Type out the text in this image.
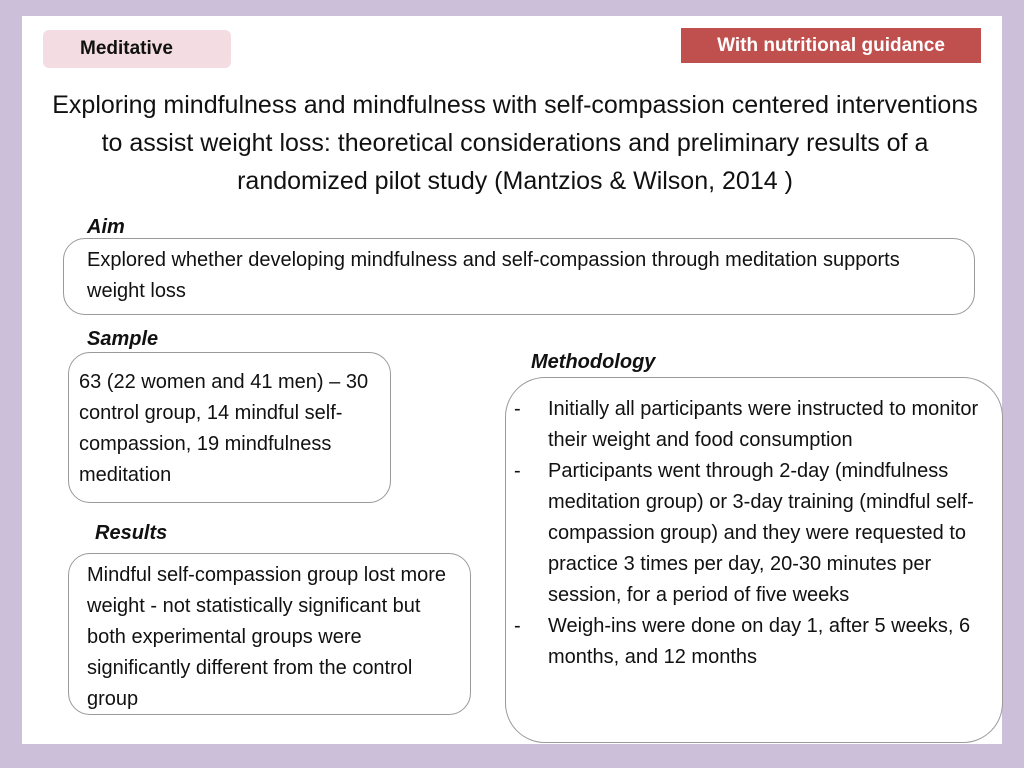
Meditative	With nutritional guidance
Exploring mindfulness and mindfulness with self-compassion centered interventions to assist weight loss: theoretical considerations and preliminary results of a randomized pilot study (Mantzios & Wilson, 2014 )
Aim
Explored whether developing mindfulness and self-compassion through meditation supports weight loss
Sample
63 (22 women and 41 men) – 30 control group, 14 mindful self-compassion, 19 mindfulness meditation
Results
Mindful self-compassion group lost more weight - not statistically significant but both experimental groups were significantly different from the control group
Methodology
-	Initially all participants were instructed to monitor their weight and food consumption
-	Participants went through 2-day (mindfulness meditation group) or 3-day training (mindful self-compassion group) and they were requested to practice 3 times per day, 20-30 minutes per session, for a period of five weeks
-	Weigh-ins were done on day 1, after 5 weeks, 6 months, and 12 months
